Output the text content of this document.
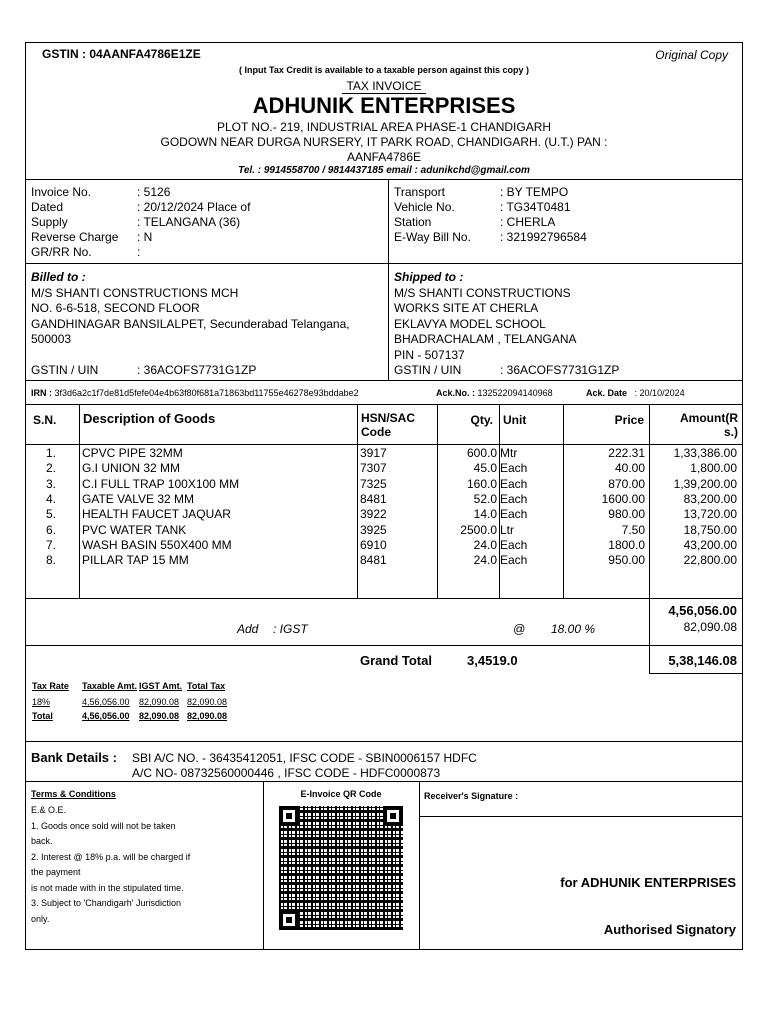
GSTIN : 04AANFA4786E1ZE	Original Copy
( Input Tax Credit is available to a taxable person against this copy )
TAX INVOICE
ADHUNIK ENTERPRISES
PLOT NO.- 219, INDUSTRIAL AREA PHASE-1 CHANDIGARH
GODOWN NEAR DURGA NURSERY, IT PARK ROAD, CHANDIGARH. (U.T.) PAN :
AANFA4786E
Tel. : 9914558700 / 9814437185 email : adunikchd@gmail.com
Invoice No.	: 5126
Dated	: 20/12/2024 Place of
Supply	: TELANGANA (36)
Reverse Charge : N
GR/RR No.	:
Transport	: BY TEMPO
Vehicle No.	: TG34T0481
Station	: CHERLA
E-Way Bill No. : 321992796584
Billed to :
M/S SHANTI CONSTRUCTIONS MCH
NO. 6-6-518, SECOND FLOOR
GANDHINAGAR BANSILALPET, Secunderabad Telangana,
500003
GSTIN / UIN	: 36ACOFS7731G1ZP
Shipped to :
M/S SHANTI CONSTRUCTIONS
WORKS SITE AT CHERLA
EKLAVYA MODEL SCHOOL
BHADRACHALAM , TELANGANA
PIN - 507137
GSTIN / UIN	: 36ACOFS7731G1ZP
IRN : 3f3d6a2c1f7de81d5fefe04e4b63f80f681a71863bd11755e46278e93bddabe2	Ack.No. : 132522094140968	Ack. Date : 20/10/2024
S.N. Description of Goods	HSN/SAC
Code
Qty. Unit	Price	Amount(R
s.)
1.	CPVC PIPE 32MM	3917	600.0 Mtr	222.31	1,33,386.00
2.	G.I UNION 32 MM	7307	45.0 Each	40.00	1,800.00
3.	C.I FULL TRAP 100X100 MM	7325	160.0 Each	870.00	1,39,200.00
4.	GATE VALVE 32 MM	8481	52.0 Each	1600.00	83,200.00
5.	HEALTH FAUCET JAQUAR	3922	14.0 Each	980.00	13,720.00
6.	PVC WATER TANK	3925	2500.0 Ltr	7.50	18,750.00
7.	WASH BASIN 550X400 MM	6910	24.0 Each	1800.0	43,200.00
8.	PILLAR TAP 15 MM	8481	24.0 Each	950.00	22,800.00
4,56,056.00
Add : IGST	@ 18.00 %	82,090.08
Grand Total	3,4519.0	5,38,146.08
Tax Rate Taxable Amt. IGST Amt. Total Tax
18%	4,56,056.00 82,090.08 82,090.08
Total	4,56,056.00 82,090.08 82,090.08
Bank Details : SBI A/C NO. - 36435412051, IFSC CODE - SBIN0006157 HDFC
A/C NO- 08732560000446 , IFSC CODE - HDFC0000873
Terms & Conditions
E.& O.E.
1. Goods once sold will not be taken
back.
2. Interest @ 18% p.a. will be charged if
the payment
is not made with in the stipulated time.
3. Subject to 'Chandigarh' Jurisdiction
only.
E-Invoice QR Code	Receiver's Signature :
for ADHUNIK ENTERPRISES
Authorised Signatory
